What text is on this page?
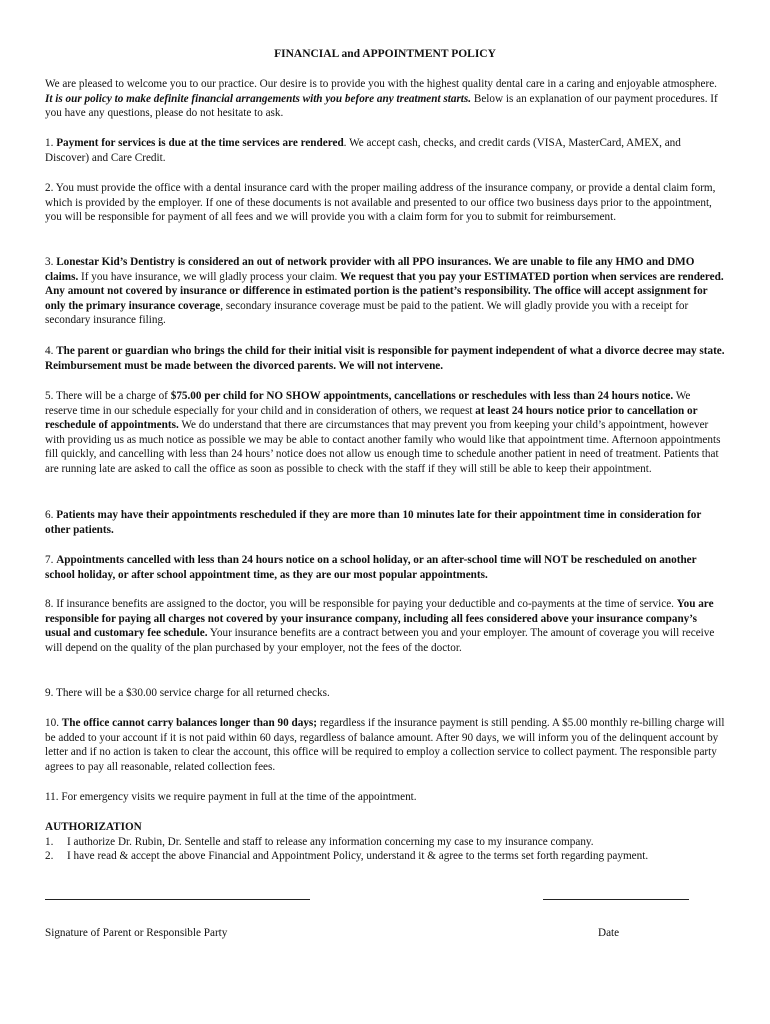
FINANCIAL and APPOINTMENT POLICY

We are pleased to welcome you to our practice. Our desire is to provide you with the highest quality dental care in a caring and enjoyable atmosphere. It is our policy to make definite financial arrangements with you before any treatment starts. Below is an explanation of our payment procedures. If you have any questions, please do not hesitate to ask.

1. Payment for services is due at the time services are rendered. We accept cash, checks, and credit cards (VISA, MasterCard, AMEX, and Discover) and Care Credit.

2. You must provide the office with a dental insurance card with the proper mailing address of the insurance company, or provide a dental claim form, which is provided by the employer. If one of these documents is not available and presented to our office two business days prior to the appointment, you will be responsible for payment of all fees and we will provide you with a claim form for you to submit for reimbursement.

3. Lonestar Kid’s Dentistry is considered an out of network provider with all PPO insurances. We are unable to file any HMO and DMO claims. If you have insurance, we will gladly process your claim. We request that you pay your ESTIMATED portion when services are rendered. Any amount not covered by insurance or difference in estimated portion is the patient’s responsibility. The office will accept assignment for only the primary insurance coverage, secondary insurance coverage must be paid to the patient. We will gladly provide you with a receipt for secondary insurance filing.

4. The parent or guardian who brings the child for their initial visit is responsible for payment independent of what a divorce decree may state. Reimbursement must be made between the divorced parents. We will not intervene.

5. There will be a charge of $75.00 per child for NO SHOW appointments, cancellations or reschedules with less than 24 hours notice. We reserve time in our schedule especially for your child and in consideration of others, we request at least 24 hours notice prior to cancellation or reschedule of appointments. We do understand that there are circumstances that may prevent you from keeping your child’s appointment, however with providing us as much notice as possible we may be able to contact another family who would like that appointment time. Afternoon appointments fill quickly, and cancelling with less than 24 hours’ notice does not allow us enough time to schedule another patient in need of treatment. Patients that are running late are asked to call the office as soon as possible to check with the staff if they will still be able to keep their appointment.

6. Patients may have their appointments rescheduled if they are more than 10 minutes late for their appointment time in consideration for other patients.

7. Appointments cancelled with less than 24 hours notice on a school holiday, or an after-school time will NOT be rescheduled on another school holiday, or after school appointment time, as they are our most popular appointments.

8. If insurance benefits are assigned to the doctor, you will be responsible for paying your deductible and co-payments at the time of service. You are responsible for paying all charges not covered by your insurance company, including all fees considered above your insurance company’s usual and customary fee schedule. Your insurance benefits are a contract between you and your employer. The amount of coverage you will receive will depend on the quality of the plan purchased by your employer, not the fees of the doctor.

9. There will be a $30.00 service charge for all returned checks.

10. The office cannot carry balances longer than 90 days; regardless if the insurance payment is still pending. A $5.00 monthly re-billing charge will be added to your account if it is not paid within 60 days, regardless of balance amount. After 90 days, we will inform you of the delinquent account by letter and if no action is taken to clear the account, this office will be required to employ a collection service to collect payment. The responsible party agrees to pay all reasonable, related collection fees.

11. For emergency visits we require payment in full at the time of the appointment.

AUTHORIZATION
1. I authorize Dr. Rubin, Dr. Sentelle and staff to release any information concerning my case to my insurance company.
2. I have read & accept the above Financial and Appointment Policy, understand it & agree to the terms set forth regarding payment.
Signature of Parent or Responsible Party	Date
